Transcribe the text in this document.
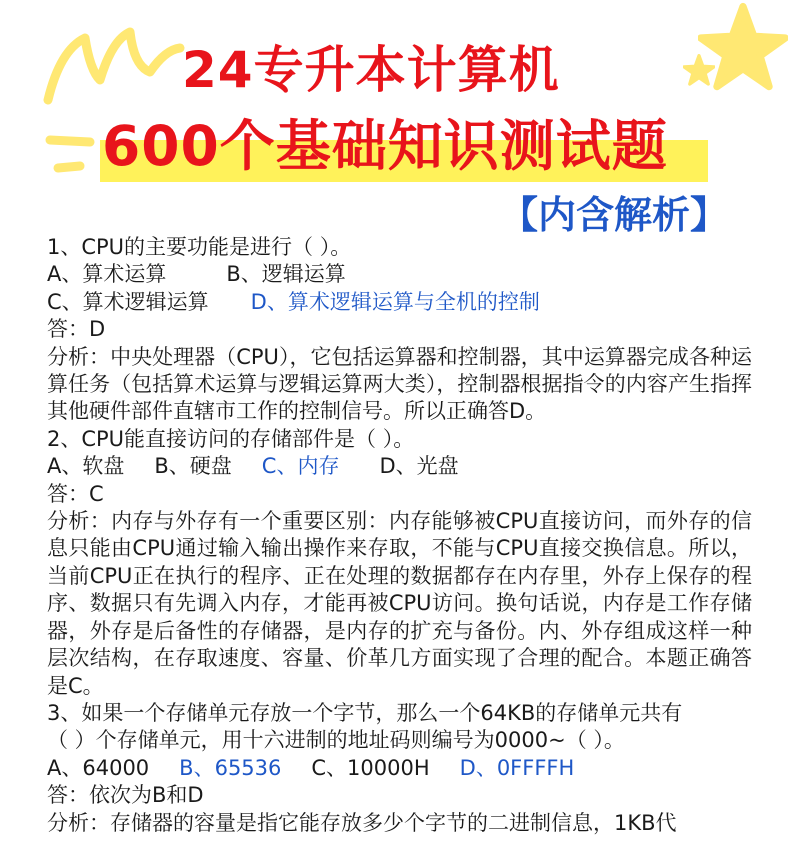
24专升本计算机
600个基础知识测试题
【内含解析】
1、CPU的主要功能是进行（ ）。
A、算术运算	B、逻辑运算
C、算术逻辑运算 D、算术逻辑运算与全机的控制
答：D
分析：中央处理器（CPU），它包括运算器和控制器，其中运算器完成各种运算任务（包括算术运算与逻辑运算两大类），控制器根据指令的内容产生指挥其他硬件部件直辖市工作的控制信号。所以正确答D。
2、CPU能直接访问的存储部件是（ ）。
A、软盘 B、硬盘 C、内存 D、光盘
答：C
分析：内存与外存有一个重要区别：内存能够被CPU直接访问，而外存的信息只能由CPU通过输入输出操作来存取，不能与CPU直接交换信息。所以，当前CPU正在执行的程序、正在处理的数据都存在内存里，外存上保存的程序、数据只有先调入内存，才能再被CPU访问。换句话说，内存是工作存储器，外存是后备性的存储器，是内存的扩充与备份。内、外存组成这样一种层次结构，在存取速度、容量、价革几方面实现了合理的配合。本题正确答是C。
3、如果一个存储单元存放一个字节，那么一个64KB的存储单元共有
（ ）个存储单元，用十六进制的地址码则编号为0000~（ ）。
A、64000 B、65536 C、10000H D、0FFFFH
答：依次为B和D
分析：存储器的容量是指它能存放多少个字节的二进制信息，1KB代
